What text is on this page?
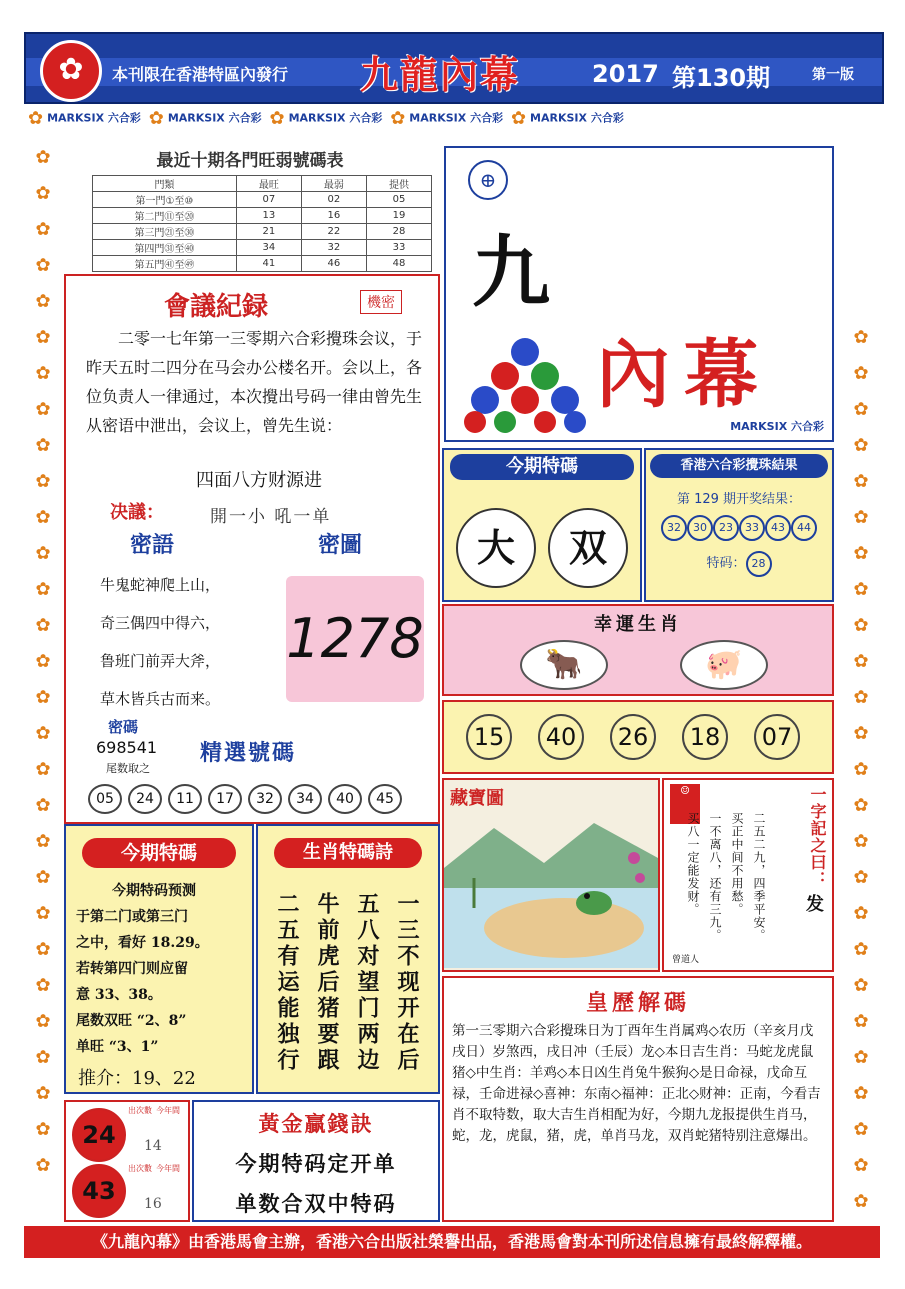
✿	本刊限在香港特區內發行 九龍內幕	2017 第130期	第一版
✿ MARKSIX 六合彩 ✿ MARKSIX 六合彩 ✿ MARKSIX 六合彩 ✿ MARKSIX 六合彩 ✿ MARKSIX 六合彩
✿
✿
✿
✿
✿
✿
✿
✿
✿
✿
✿
✿
✿
✿
✿
✿
✿
✿
✿
✿
✿
✿
✿
✿
✿
✿
✿
✿
✿
✿
✿
✿
✿
✿
✿
✿
✿
✿
✿
✿
✿
✿
✿
✿
✿
✿
✿
✿
✿
✿
✿
✿
✿
✿
最近十期各門旺弱號碼表
門類	最旺	最弱	提供
第一門①至⑩	07	02	05
第二門⑪至⑳	13	16	19
第三門㉑至㉚	21	22	28
第四門㉛至㊵	34	32	33
第五門㊶至㊾	41	46	48
⊕
九
內幕
MARKSIX 六合彩
會議紀録	機密
二零一七年第一三零期六合彩攪珠会议，于昨天五时二四分在马会办公楼名开。会以上，各位负责人一律通过，本次攪出号码一律由曾先生从密语中泄出，会议上，曾先生说：
四面八方财源进
决議：	開一小 吼一单
密語	密圖
牛鬼蛇神爬上山，
奇三偶四中得六，
鲁班门前弄大斧，
草木皆兵古而来。
1278
密碼
698541
尾数取之
精選號碼
05 24 11 17 32 34 40 45
今期特碼
大	双
香港六合彩攪珠結果
第 129 期开奖结果：
32 30 23 33 43 44
特码： 28
幸運生肖
🐂	🐖
15 40 26 18 07
藏寶圖	☺	一字記之曰：
发
二五二九，四季平安。
买正中间不用愁。
一不离八，还有三九。
买八一定能发财。
曾道人
今期特碼
今期特码预测
于第二门或第三门
之中，看好 18.29。
若转第四门则应留
意 33、38。
尾数双旺 “2、8”
单旺 “3、1”
推介：19、22
生肖特碼詩
一三不现开在后
五八对望门两边
牛前虎后猪要跟
二五有运能独行
24
出次數 今年間
14
43
出次數 今年間
16
黃金贏錢訣
今期特码定开单
单数合双中特码
皇歷解碼
第一三零期六合彩攪珠日为丁酉年生肖属鸡◇农历（辛亥月戊戌日）岁煞西，戌日冲（壬辰）龙◇本日吉生肖：马蛇龙虎鼠猪◇中生肖：羊鸡◇本日凶生肖兔牛猴狗◇是日命禄，戊命互禄，壬命进禄◇喜神：东南◇福神：正北◇财神：正南，今看吉肖不取特数，取大吉生肖相配为好，今期九龙报提供生肖马，蛇，龙，虎鼠，猪，虎，单肖马龙，双肖蛇猪特别注意爆出。
《九龍內幕》由香港馬會主辦，香港六合出版社榮譽出品，香港馬會對本刊所述信息擁有最終解釋權。
